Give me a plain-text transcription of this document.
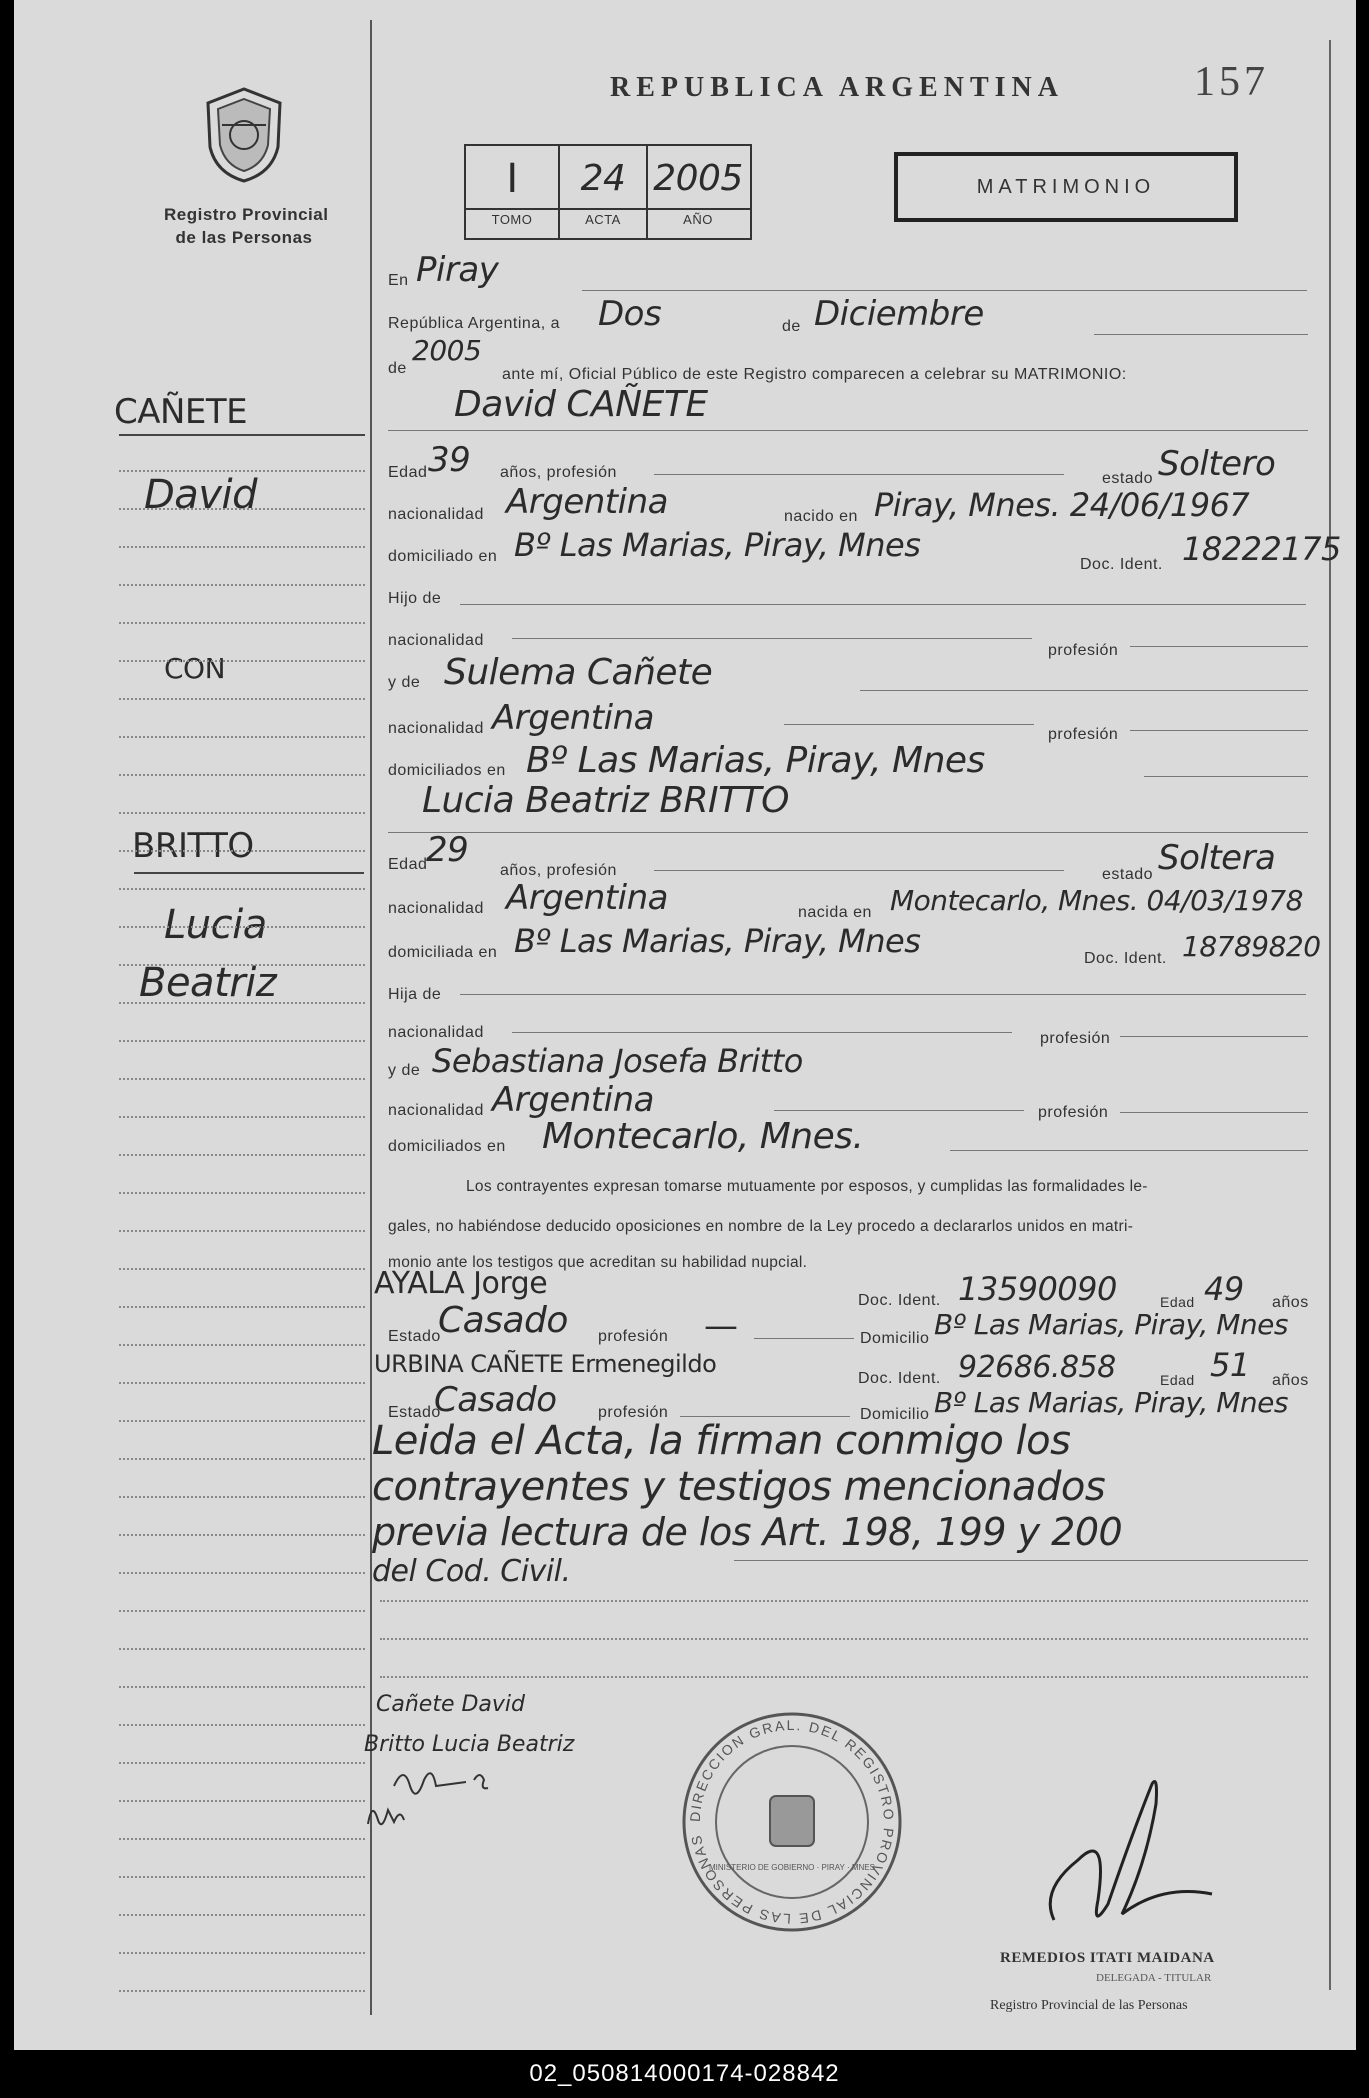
Registro Provincial
de las Personas
REPUBLICA ARGENTINA	157
I	24 2005
TOMO	ACTA	AÑO
MATRIMONIO
CAÑETE
David
CON
BRITTO
Lucia
Beatriz
En Piray
República Argentina, a Dos	de Diciembre
de
2005
ante mí, Oficial Público de este Registro comparecen a celebrar su MATRIMONIO:
David CAÑETE
Edad 39 años, profesión	estado Soltero
nacionalidad Argentina	nacido en Piray, Mnes. 24/06/1967
domiciliado en Bº Las Marias, Piray, Mnes
Doc. Ident. 18222175
Hijo de
nacionalidad
profesión
y de Sulema Cañete
nacionalidad Argentina	profesión
domiciliados en Bº Las Marias, Piray, Mnes
Lucia Beatriz BRITTO
Edad
29
años, profesión	estado Soltera
nacionalidad Argentina	nacida en Montecarlo, Mnes. 04/03/1978
domiciliada en Bº Las Marias, Piray, Mnes	Doc. Ident. 18789820
Hija de
nacionalidad	profesión
y de Sebastiana Josefa Britto
nacionalidad Argentina	profesión
domiciliados en Montecarlo, Mnes.
Los contrayentes expresan tomarse mutuamente por esposos, y cumplidas las formalidades le-
gales, no habiéndose deducido oposiciones en nombre de la Ley procedo a declararlos unidos en matri-
monio ante los testigos que acreditan su habilidad nupcial.
AYALA Jorge	Doc. Ident. 13590090	Edad 49 años
Estado
Casado profesión —	Domicilio Bº Las Marias, Piray, Mnes
URBINA CAÑETE Ermenegildo
Doc. Ident. 92686.858	Edad 51 años
Estado
Casado	profesión	Domicilio Bº Las Marias, Piray, Mnes
Leida el Acta, la firman conmigo los
contrayentes y testigos mencionados
previa lectura de los Art. 198, 199 y 200
del Cod. Civil.
Cañete David
Britto Lucia Beatriz
DIRECCION GRAL. DEL REGISTRO PROVINCIAL DE LAS PERSONAS
MINISTERIO DE GOBIERNO · PIRAY · MNES
REMEDIOS ITATI MAIDANA
DELEGADA - TITULAR
Registro Provincial de las Personas
02_050814000174-028842
